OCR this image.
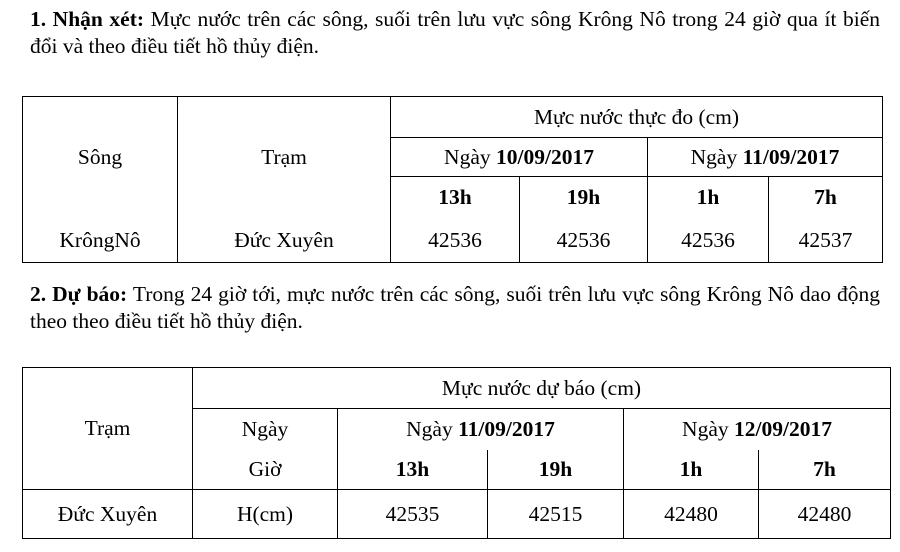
1. Nhận xét: Mực nước trên các sông, suối trên lưu vực sông Krông Nô trong 24 giờ qua ít biến đổi và theo điều tiết hồ thủy điện.

Sông	Trạm	Mực nước thực đo (cm)			
		Ngày 10/09/2017		Ngày 11/09/2017	
		13h	19h	1h	7h
KrôngNô	Đức Xuyên	42536	42536	42536	42537

2. Dự báo: Trong 24 giờ tới, mực nước trên các sông, suối trên lưu vực sông Krông Nô dao động theo theo điều tiết hồ thủy điện.

Trạm	Mực nước dự báo (cm)				
	Ngày	Ngày 11/09/2017		Ngày 12/09/2017	
	Giờ	13h	19h	1h	7h
Đức Xuyên	H(cm)	42535	42515	42480	42480
